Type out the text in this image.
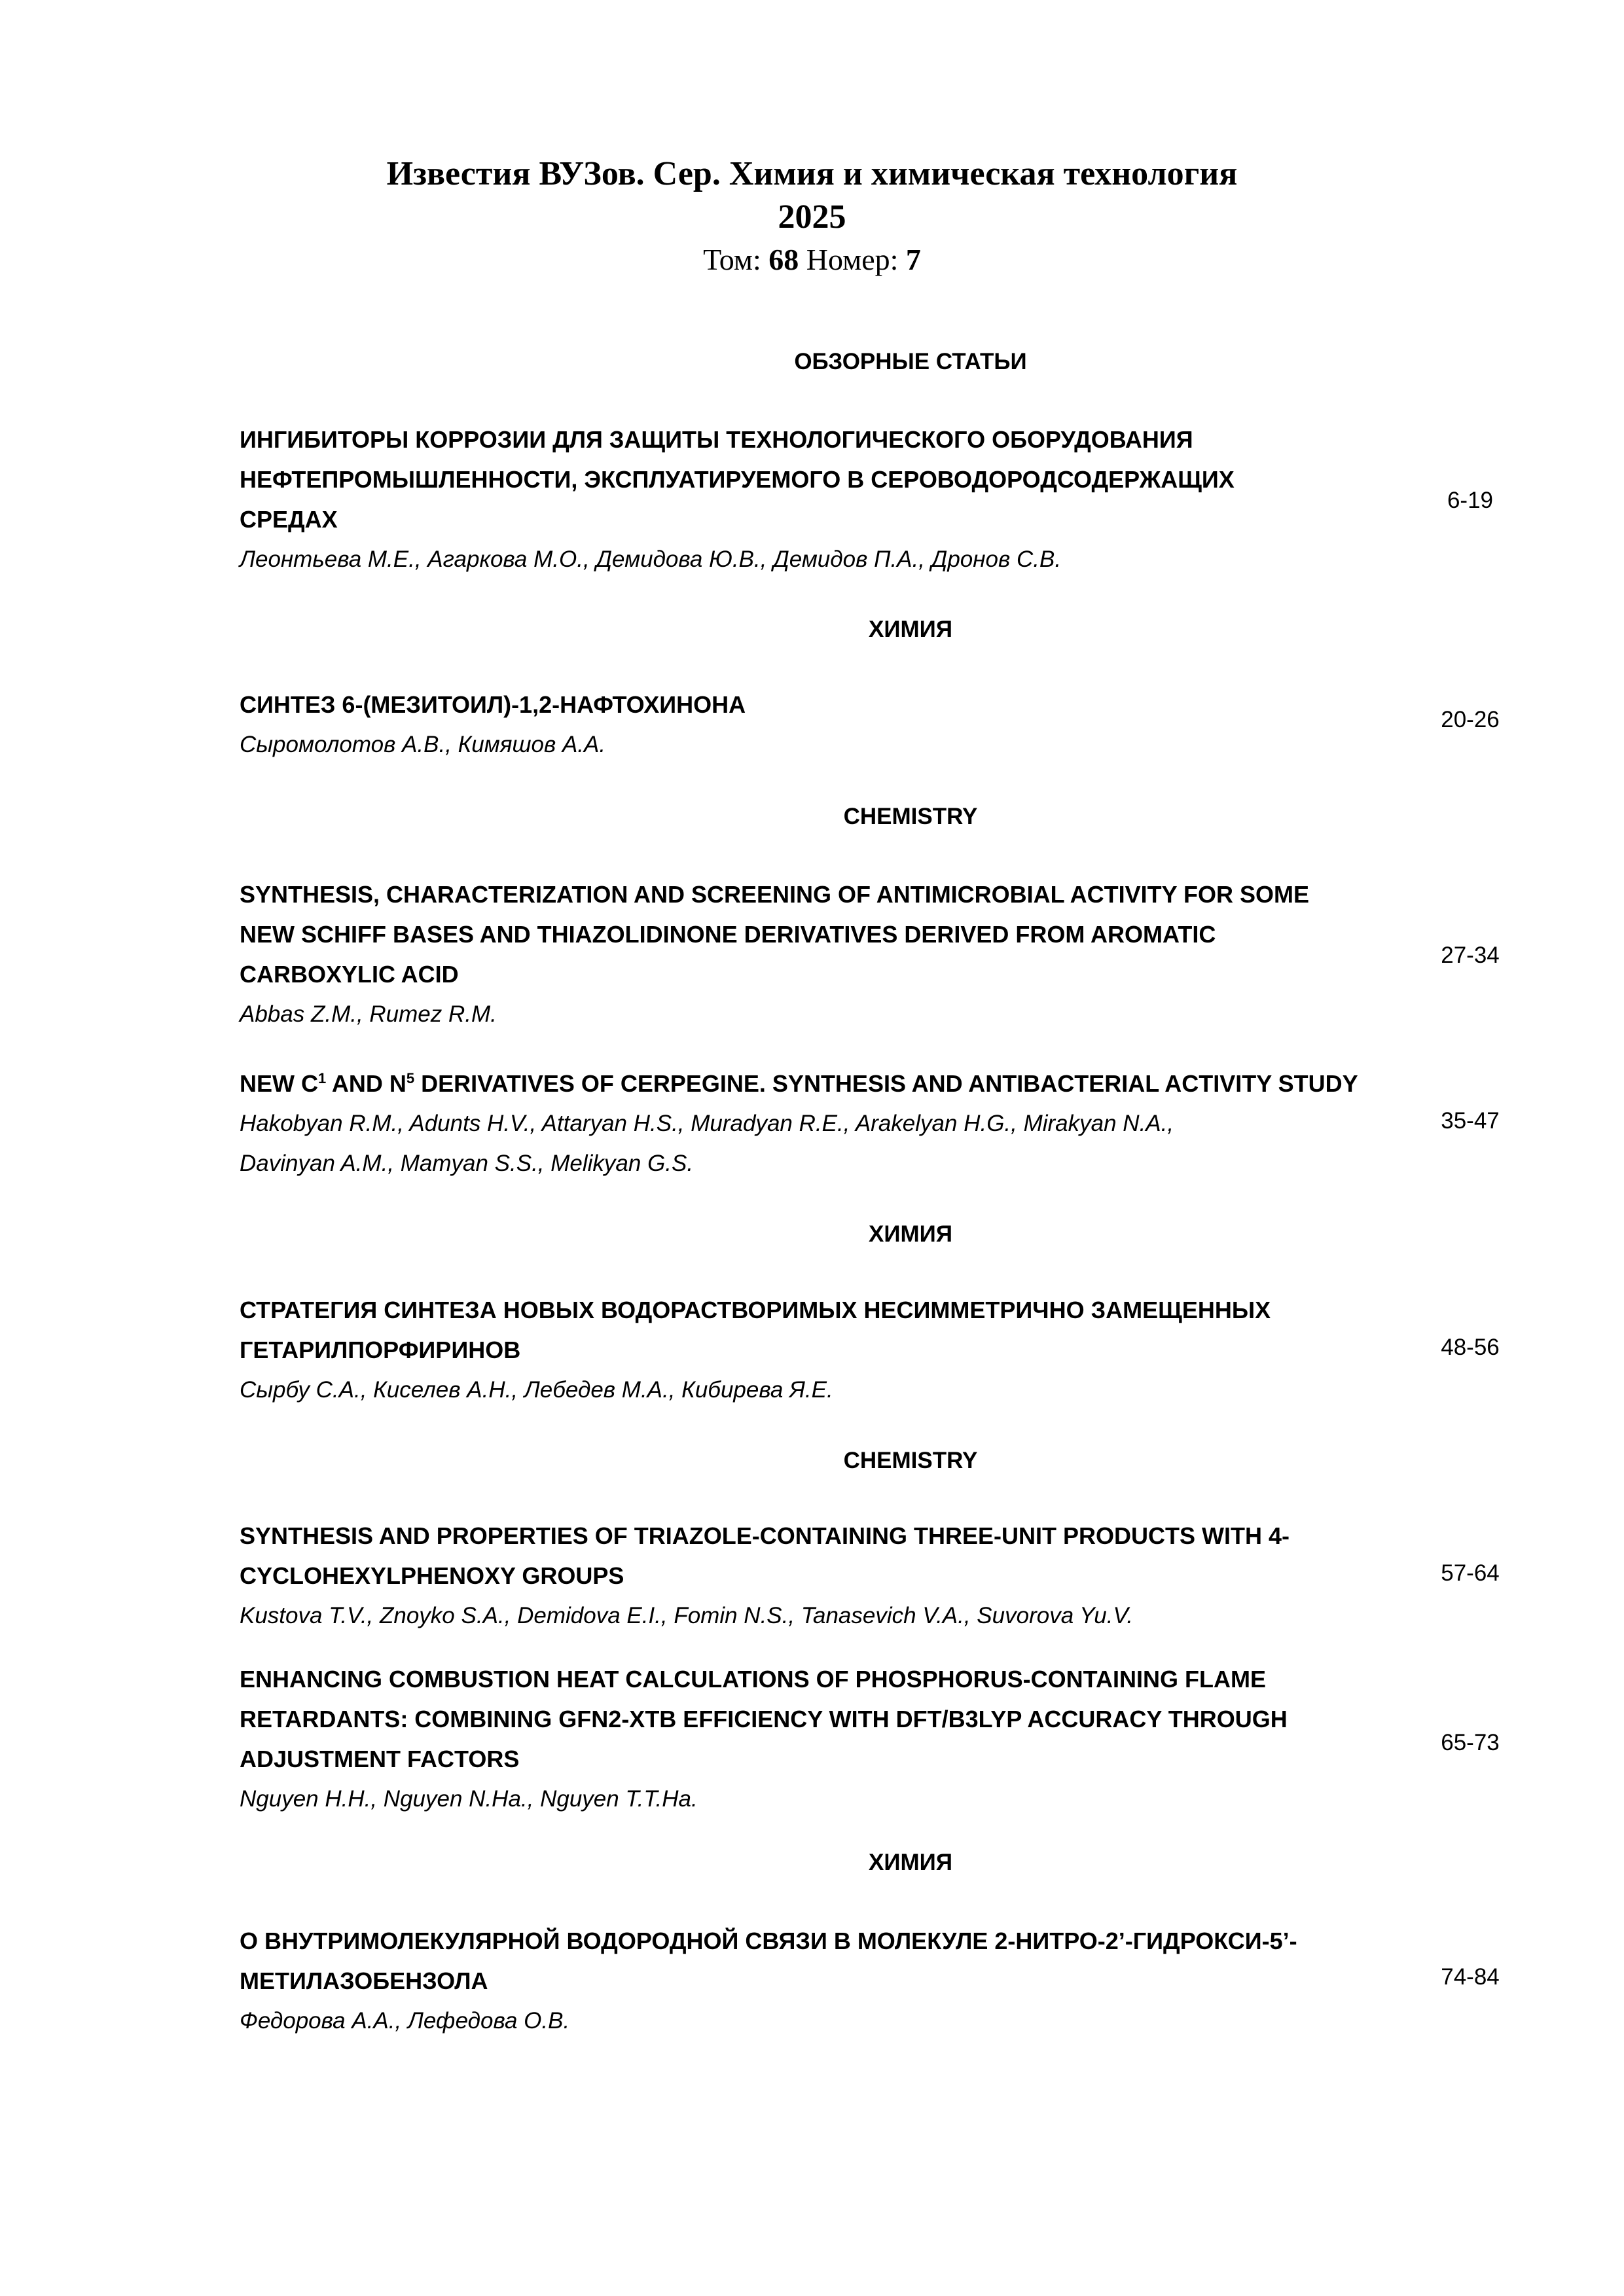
Известия ВУЗов. Сер. Химия и химическая технология
2025
Том: 68 Номер: 7
ОБЗОРНЫЕ СТАТЬИ
ИНГИБИТОРЫ КОРРОЗИИ ДЛЯ ЗАЩИТЫ ТЕХНОЛОГИЧЕСКОГО ОБОРУДОВАНИЯ
НЕФТЕПРОМЫШЛЕННОСТИ, ЭКСПЛУАТИРУЕМОГО В СЕРОВОДОРОДСОДЕРЖАЩИХ
СРЕДАХ
Леонтьева М.Е., Агаркова М.О., Демидова Ю.В., Демидов П.А., Дронов С.В.
6-19
ХИМИЯ
СИНТЕЗ 6-(МЕЗИТОИЛ)-1,2-НАФТОХИНОНА
Сыромолотов А.В., Кимяшов А.А.
20-26
CHEMISTRY
SYNTHESIS, CHARACTERIZATION AND SCREENING OF ANTIMICROBIAL ACTIVITY FOR SOME
NEW SCHIFF BASES AND THIAZOLIDINONE DERIVATIVES DERIVED FROM AROMATIC
CARBOXYLIC ACID
Abbas Z.M., Rumez R.M.
27-34
NEW $C^1$ AND $N^5$ DERIVATIVES OF CERPEGINE. SYNTHESIS AND ANTIBACTERIAL ACTIVITY STUDY
Hakobyan R.M., Adunts H.V., Attaryan H.S., Muradyan R.E., Arakelyan H.G., Mirakyan N.A.,
Davinyan A.M., Mamyan S.S., Melikyan G.S.
35-47
ХИМИЯ
СТРАТЕГИЯ СИНТЕЗА НОВЫХ ВОДОРАСТВОРИМЫХ НЕСИММЕТРИЧНО ЗАМЕЩЕННЫХ
ГЕТАРИЛПОРФИРИНОВ
Сырбу С.А., Киселев А.Н., Лебедев М.А., Кибирева Я.Е.
48-56
CHEMISTRY
SYNTHESIS AND PROPERTIES OF TRIAZOLE-CONTAINING THREE-UNIT PRODUCTS WITH 4-
CYCLOHEXYLPHENOXY GROUPS
Kustova T.V., Znoyko S.A., Demidova E.I., Fomin N.S., Tanasevich V.A., Suvorova Yu.V.
57-64
ENHANCING COMBUSTION HEAT CALCULATIONS OF PHOSPHORUS-CONTAINING FLAME
RETARDANTS: COMBINING GFN2-XTB EFFICIENCY WITH DFT/B3LYP ACCURACY THROUGH
ADJUSTMENT FACTORS
Nguyen H.H., Nguyen N.Ha., Nguyen T.T.Ha.
65-73
ХИМИЯ
О ВНУТРИМОЛЕКУЛЯРНОЙ ВОДОРОДНОЙ СВЯЗИ В МОЛЕКУЛЕ 2-НИТРО-2’-ГИДРОКСИ-5’-
МЕТИЛАЗОБЕНЗОЛА
Федорова А.А., Лефедова О.В.
74-84
